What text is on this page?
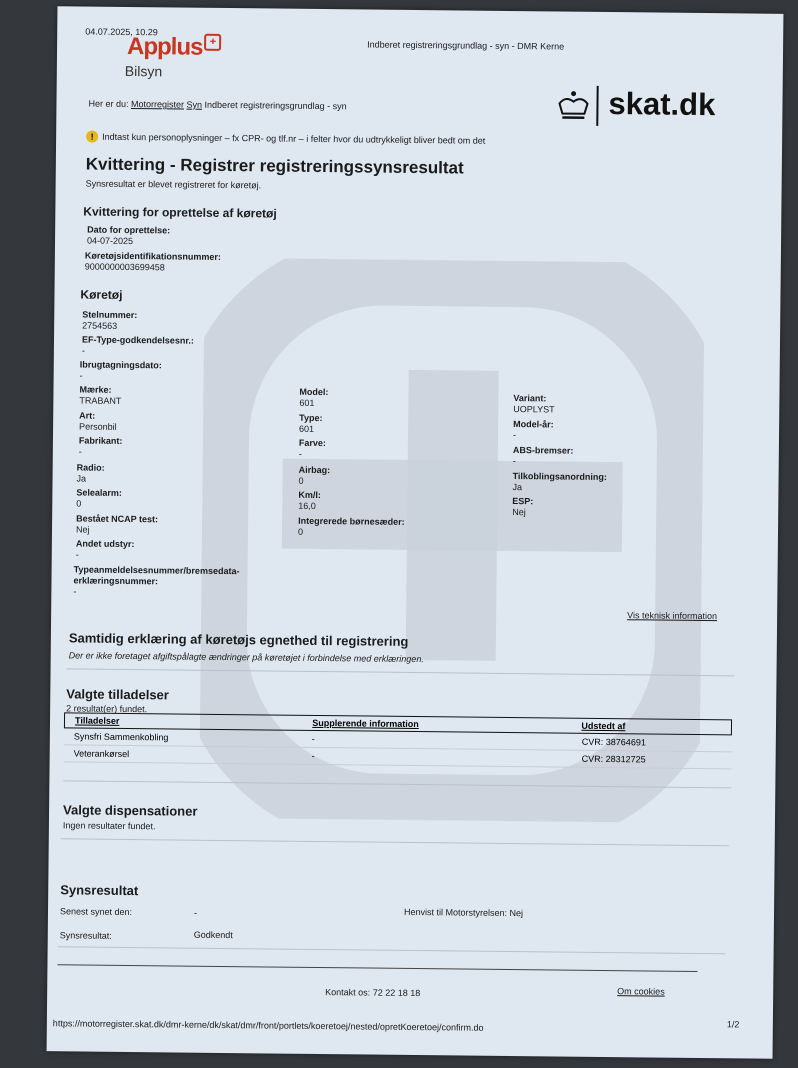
04.07.2025, 10.29
Indberet registreringsgrundlag - syn - DMR Kerne
Applus +
Bilsyn
skat.dk
Her er du: Motorregister Syn Indberet registreringsgrundlag - syn
! Indtast kun personoplysninger – fx CPR- og tlf.nr – i felter hvor du udtrykkeligt bliver bedt om det
Kvittering - Registrer registreringssynsresultat
Synsresultat er blevet registreret for køretøj.
Kvittering for oprettelse af køretøj
Dato for oprettelse:
04-07-2025
Køretøjsidentifikationsnummer:
9000000003699458
Køretøj
Stelnummer:
2754563
EF-Type-godkendelsesnr.:
-
Ibrugtagningsdato:
-
Mærke:
TRABANT
Art:
Personbil
Fabrikant:
-
Radio:
Ja
Selealarm:
0
Bestået NCAP test:
Nej
Andet udstyr:
-
Typeanmeldelsesnummer/bremsedata-erklæringsnummer:
-
Model:
601
Type:
601
Farve:
-
Airbag:
0
Km/l:
16,0
Integrerede børnesæder:
0
Variant:
UOPLYST
Model-år:
-
ABS-bremser:
-
Tilkoblingsanordning:
Ja
ESP:
Nej
Vis teknisk information
Samtidig erklæring af køretøjs egnethed til registrering
Der er ikke foretaget afgiftspålagte ændringer på køretøjet i forbindelse med erklæringen.
Valgte tilladelser
2 resultat(er) fundet.
Tilladelser	Supplerende information	Udstedt af
Synsfri Sammenkobling	-	CVR: 38764691
Veterankørsel	-	CVR: 28312725
Valgte dispensationer
Ingen resultater fundet.
Synsresultat
Senest synet den:	-	Henvist til Motorstyrelsen: Nej
Synsresultat:	Godkendt
Kontakt os: 72 22 18 18	Om cookies
https://motorregister.skat.dk/dmr-kerne/dk/skat/dmr/front/portlets/koeretoej/nested/opretKoeretoej/confirm.do	1/2
